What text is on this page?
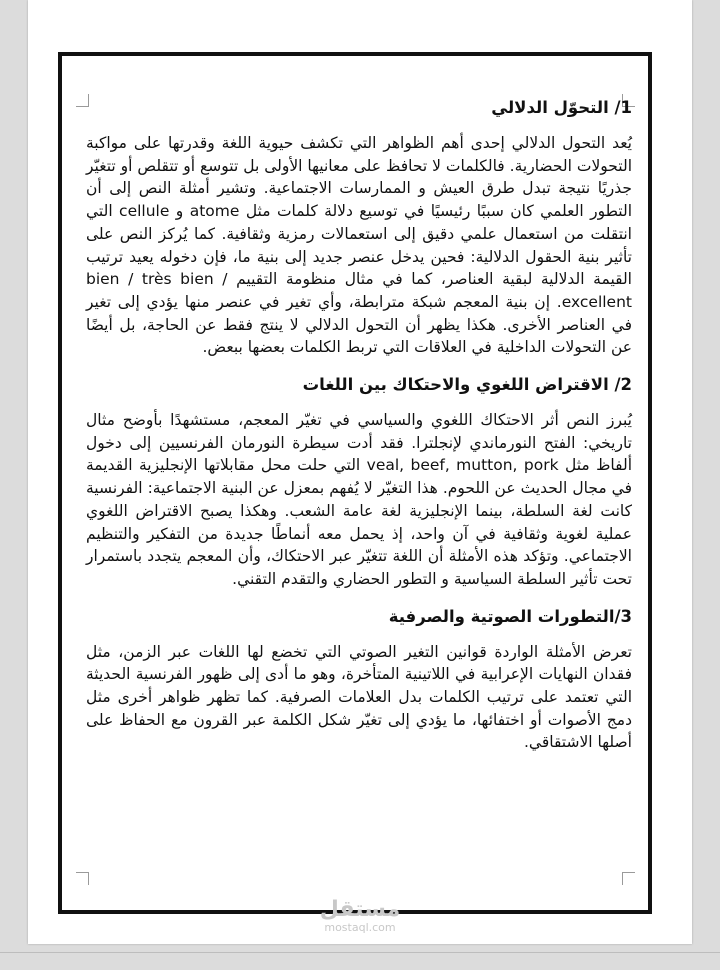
1/ التحوّل الدلالي

يُعد التحول الدلالي إحدى أهم الظواهر التي تكشف حيوية اللغة وقدرتها على مواكبة التحولات الحضارية. فالكلمات لا تحافظ على معانيها الأولى بل تتوسع أو تتقلص أو تتغيّر جذريًا نتيجة تبدل طرق العيش و الممارسات الاجتماعية. وتشير أمثلة النص إلى أن التطور العلمي كان سببًا رئيسيًا في توسيع دلالة كلمات مثل atome و cellule التي انتقلت من استعمال علمي دقيق إلى استعمالات رمزية وثقافية. كما يُركز النص على تأثير بنية الحقول الدلالية: فحين يدخل عنصر جديد إلى بنية ما، فإن دخوله يعيد ترتيب القيمة الدلالية لبقية العناصر، كما في مثال منظومة التقييم bien / très bien / excellent. إن بنية المعجم شبكة مترابطة، وأي تغير في عنصر منها يؤدي إلى تغير في العناصر الأخرى. هكذا يظهر أن التحول الدلالي لا ينتج فقط عن الحاجة، بل أيضًا عن التحولات الداخلية في العلاقات التي تربط الكلمات بعضها ببعض.

2/ الاقتراض اللغوي والاحتكاك بين اللغات

يُبرز النص أثر الاحتكاك اللغوي والسياسي في تغيّر المعجم، مستشهدًا بأوضح مثال تاريخي: الفتح النورماندي لإنجلترا. فقد أدت سيطرة النورمان الفرنسيين إلى دخول ألفاظ مثل veal, beef, mutton, pork التي حلت محل مقابلاتها الإنجليزية القديمة في مجال الحديث عن اللحوم. هذا التغيّر لا يُفهم بمعزل عن البنية الاجتماعية: الفرنسية كانت لغة السلطة، بينما الإنجليزية لغة عامة الشعب. وهكذا يصبح الاقتراض اللغوي عملية لغوية وثقافية في آن واحد، إذ يحمل معه أنماطًا جديدة من التفكير والتنظيم الاجتماعي. وتؤكد هذه الأمثلة أن اللغة تتغيّر عبر الاحتكاك، وأن المعجم يتجدد باستمرار تحت تأثير السلطة السياسية و التطور الحضاري والتقدم التقني.

3/التطورات الصوتية والصرفية

تعرض الأمثلة الواردة قوانين التغير الصوتي التي تخضع لها اللغات عبر الزمن، مثل فقدان النهايات الإعرابية في اللاتينية المتأخرة، وهو ما أدى إلى ظهور الفرنسية الحديثة التي تعتمد على ترتيب الكلمات بدل العلامات الصرفية. كما تظهر ظواهر أخرى مثل دمج الأصوات أو اختفائها، ما يؤدي إلى تغيّر شكل الكلمة عبر القرون مع الحفاظ على أصلها الاشتقاقي.

مستقل
mostaql.com
